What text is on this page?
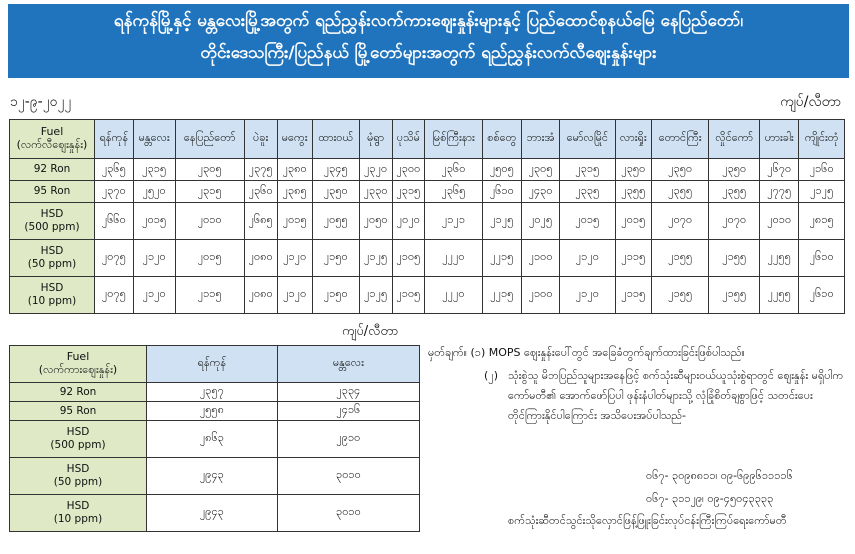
ရန်ကုန်မြို့နှင့် မန္တလေးမြို့အတွက် ရည်ညွှန်းလက်ကားဈေးနှုန်းများနှင့် ပြည်ထောင်စုနယ်မြေ နေပြည်တော်၊
တိုင်းဒေသကြီး/ပြည်နယ် မြို့တော်များအတွက် ရည်ညွှန်းလက်လီဈေးနှုန်းများ
၁၂-၉-၂၀၂၂	ကျပ်/လီတာ
Fuel
(လက်လီဈေးနှုန်း)	ရန်ကုန်	မန္တလေး	နေပြည်တော်	ပဲခူး	မကွေး	ထားဝယ်	မုံရွာ	ပုသိမ်	မြစ်ကြီးနား	စစ်တွေ	ဘားအံ	မော်လမြိုင်	လားရှိုး	တောင်ကြီး	လှိုင်ကော်	ဟားခါး	ကျိုင်းတုံ
92 Ron	၂၃၆၅	၂၃၁၅	၂၃၀၅	၂၃၇၅	၂၃၈၀	၂၃၄၅	၂၃၂၀	၂၃၀၀	၂၃၆၀	၂၅၀၅	၂၃၀၅	၂၃၁၅	၂၃၅၀	၂၃၅၀	၂၃၅၀	၂၆၇၀	၂၁၆၀
95 Ron	၂၃၇၀	၂၅၂၀	၂၃၁၅	၂၃၆၀	၂၃၈၅	၂၃၅၀	၂၃၃၀	၂၃၁၅	၂၃၆၅	၂၆၁၀	၂၄၃၀	၂၃၃၅	၂၃၅၅	၂၃၅၅	၂၃၅၅	၂၇၇၅	၂၁၂၅
HSD
(500 ppm)	၂၆၆၀	၂၀၁၅	၂၀၁၀	၂၆၈၅	၂၀၁၅	၂၀၅၅	၂၀၅၀	၂၀၂၀	၂၁၂၁	၂၁၂၅	၂၀၂၅	၂၀၁၅	၂၀၁၅	၂၀၇၀	၂၀၇၀	၂၀၁၀	၂၈၁၅
HSD
(50 ppm)	၂၀၇၅	၂၁၂၀	၂၀၁၅	၂၀၈၀	၂၁၂၀	၂၁၅၀	၂၁၂၅	၂၁၀၅	၂၂၂၀	၂၂၁၅	၂၁၀၀	၂၁၂၀	၂၁၁၅	၂၁၅၅	၂၁၅၅	၂၂၅၅	၂၆၁၀
HSD
(10 ppm)	၂၀၇၅	၂၁၂၀	၂၁၁၅	၂၀၈၀	၂၁၂၀	၂၁၅၀	၂၁၂၅	၂၁၀၅	၂၂၂၀	၂၂၁၅	၂၁၀၀	၂၁၂၀	၂၁၁၅	၂၁၅၅	၂၁၅၅	၂၂၅၅	၂၆၁၀
ကျပ်/လီတာ
Fuel
(လက်ကားဈေးနှုန်း)	ရန်ကုန်	မန္တလေး
92 Ron	၂၃၅၇	၂၃၃၄
95 Ron	၂၅၅၈	၂၄၁၆
HSD
(500 ppm)	၂၈၆၃	၂၉၁၀
HSD
(50 ppm)	၂၉၄၃	၃၀၁၀
HSD
(10 ppm)	၂၉၄၃	၃၀၁၀
မှတ်ချက်။ (၁) MOPS ဈေးနှုန်းပေါ်တွင် အခြေခံတွက်ချက်ထားခြင်းဖြစ်ပါသည်။
(၂) သုံးစွဲသူ မိဘပြည်သူများအနေဖြင့် စက်သုံးဆီများဝယ်ယူသုံးစွဲရာတွင် ဈေးနှုန်း မရှိပါက ကော်မတီ၏ အောက်ဖော်ပြပါ ဖုန်းနံပါတ်များသို့ လုံခြုံစိတ်ချစွာဖြင့် သတင်းပေးတိုင်ကြားနိုင်ပါကြောင်း အသိပေးအပ်ပါသည်-
၀၆၇- ၃၀၉၈၈၁၁၊ ၀၉-၆၉၉၆၁၁၁၁၆
၀၆၇- ၃၁၁၂၉၊ ၀၉-၄၅၀၄၃၃၃၃
စက်သုံးဆီတင်သွင်းသိုလှောင်ဖြန့်ဖြူးခြင်းလုပ်ငန်းကြီးကြပ်ရေးကော်မတီ
